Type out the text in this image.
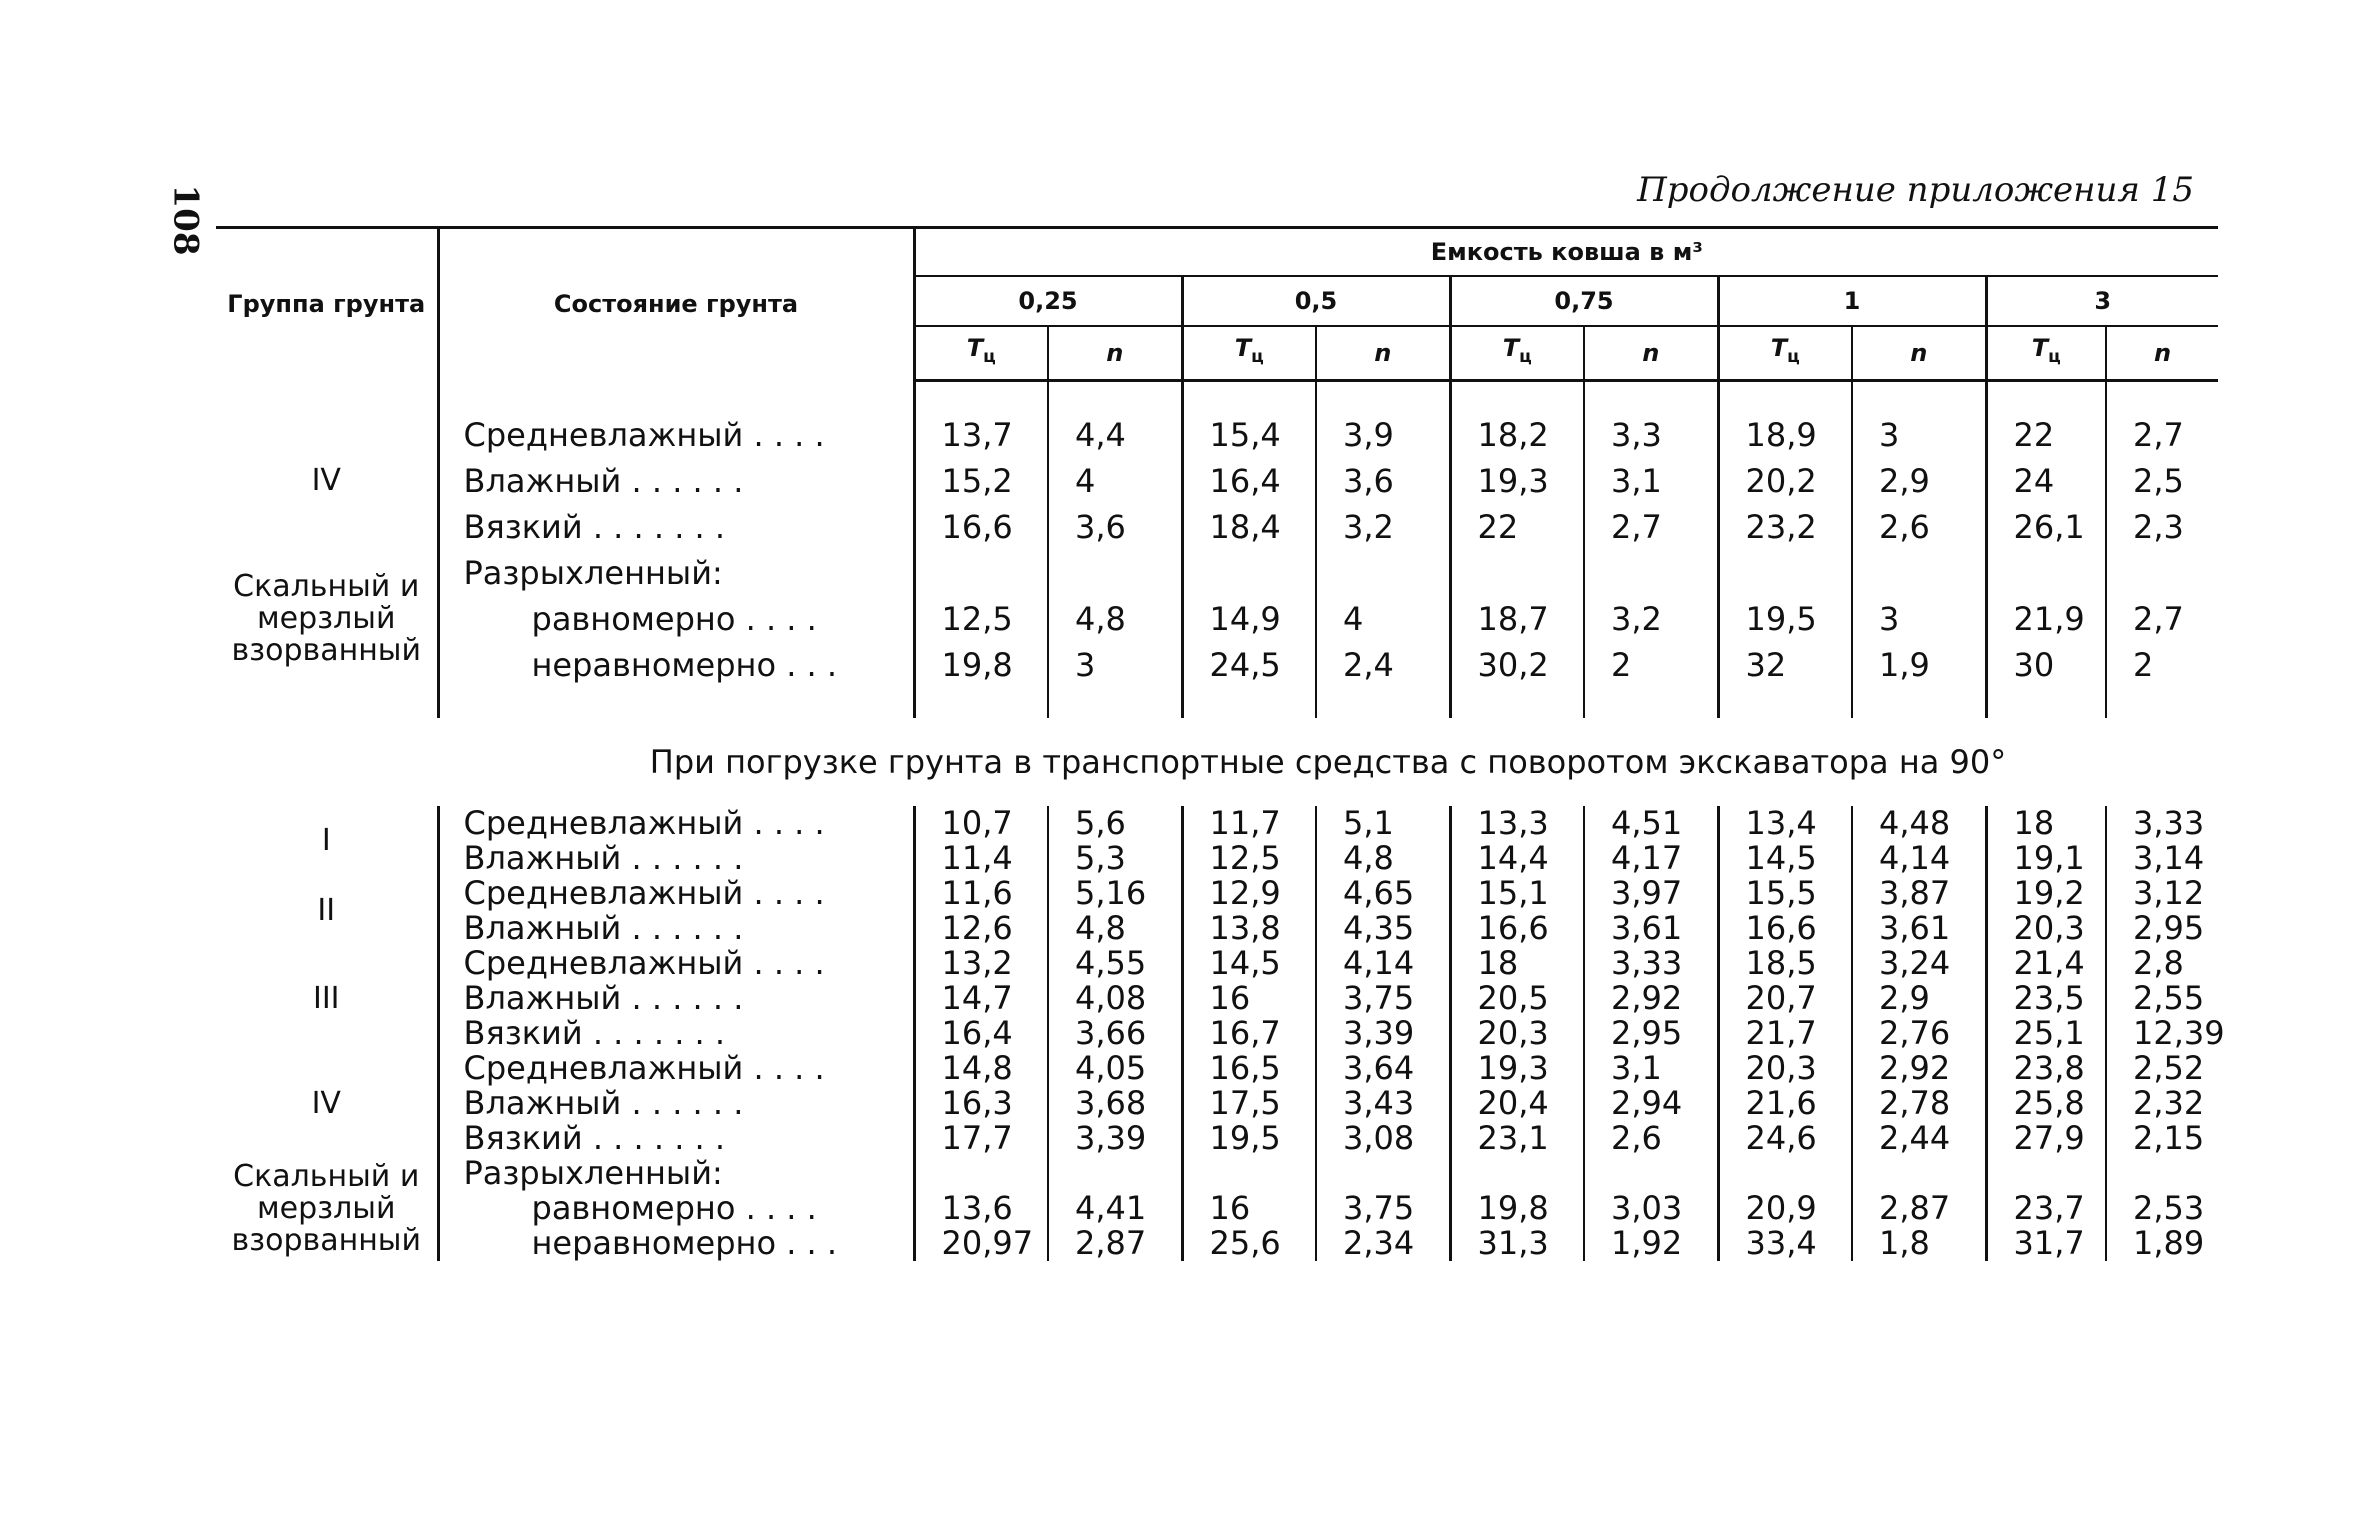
108	Продолжение приложения 15
Группа грунта	Состояние грунта	Емкость ковша в м³									
		0,25		0,5		0,75		1		3	
		$T_ц$	n	$T_ц$	n	$T_ц$	n	$T_ц$	n	$T_ц$	n

IV	Средневлажный . . . .	13,7	4,4	15,4	3,9	18,2	3,3	18,9	3	22	2,7
	Влажный . . . . . .	15,2	4	16,4	3,6	19,3	3,1	20,2	2,9	24	2,5
	Вязкий . . . . . . .	16,6	3,6	18,4	3,2	22	2,7	23,2	2,6	26,1	2,3
Скальный и мерзлый взорванный	Разрыхленный:										
	равномерно . . . .	12,5	4,8	14,9	4	18,7	3,2	19,5	3	21,9	2,7
	неравномерно . . .	19,8	3	24,5	2,4	30,2	2	32	1,9	30	2

	При погрузке грунта в транспортные средства с поворотом экскаватора на 90°										
I	Средневлажный . . . .	10,7	5,6	11,7	5,1	13,3	4,51	13,4	4,48	18	3,33
	Влажный . . . . . .	11,4	5,3	12,5	4,8	14,4	4,17	14,5	4,14	19,1	3,14
II	Средневлажный . . . .	11,6	5,16	12,9	4,65	15,1	3,97	15,5	3,87	19,2	3,12
	Влажный . . . . . .	12,6	4,8	13,8	4,35	16,6	3,61	16,6	3,61	20,3	2,95
III	Средневлажный . . . .	13,2	4,55	14,5	4,14	18	3,33	18,5	3,24	21,4	2,8
	Влажный . . . . . .	14,7	4,08	16	3,75	20,5	2,92	20,7	2,9	23,5	2,55
	Вязкий . . . . . . .	16,4	3,66	16,7	3,39	20,3	2,95	21,7	2,76	25,1	12,39
IV	Средневлажный . . . .	14,8	4,05	16,5	3,64	19,3	3,1	20,3	2,92	23,8	2,52
	Влажный . . . . . .	16,3	3,68	17,5	3,43	20,4	2,94	21,6	2,78	25,8	2,32
	Вязкий . . . . . . .	17,7	3,39	19,5	3,08	23,1	2,6	24,6	2,44	27,9	2,15
Скальный и мерзлый взорванный	Разрыхленный:										
	равномерно . . . .	13,6	4,41	16	3,75	19,8	3,03	20,9	2,87	23,7	2,53
	неравномерно . . .	20,97	2,87	25,6	2,34	31,3	1,92	33,4	1,8	31,7	1,89
